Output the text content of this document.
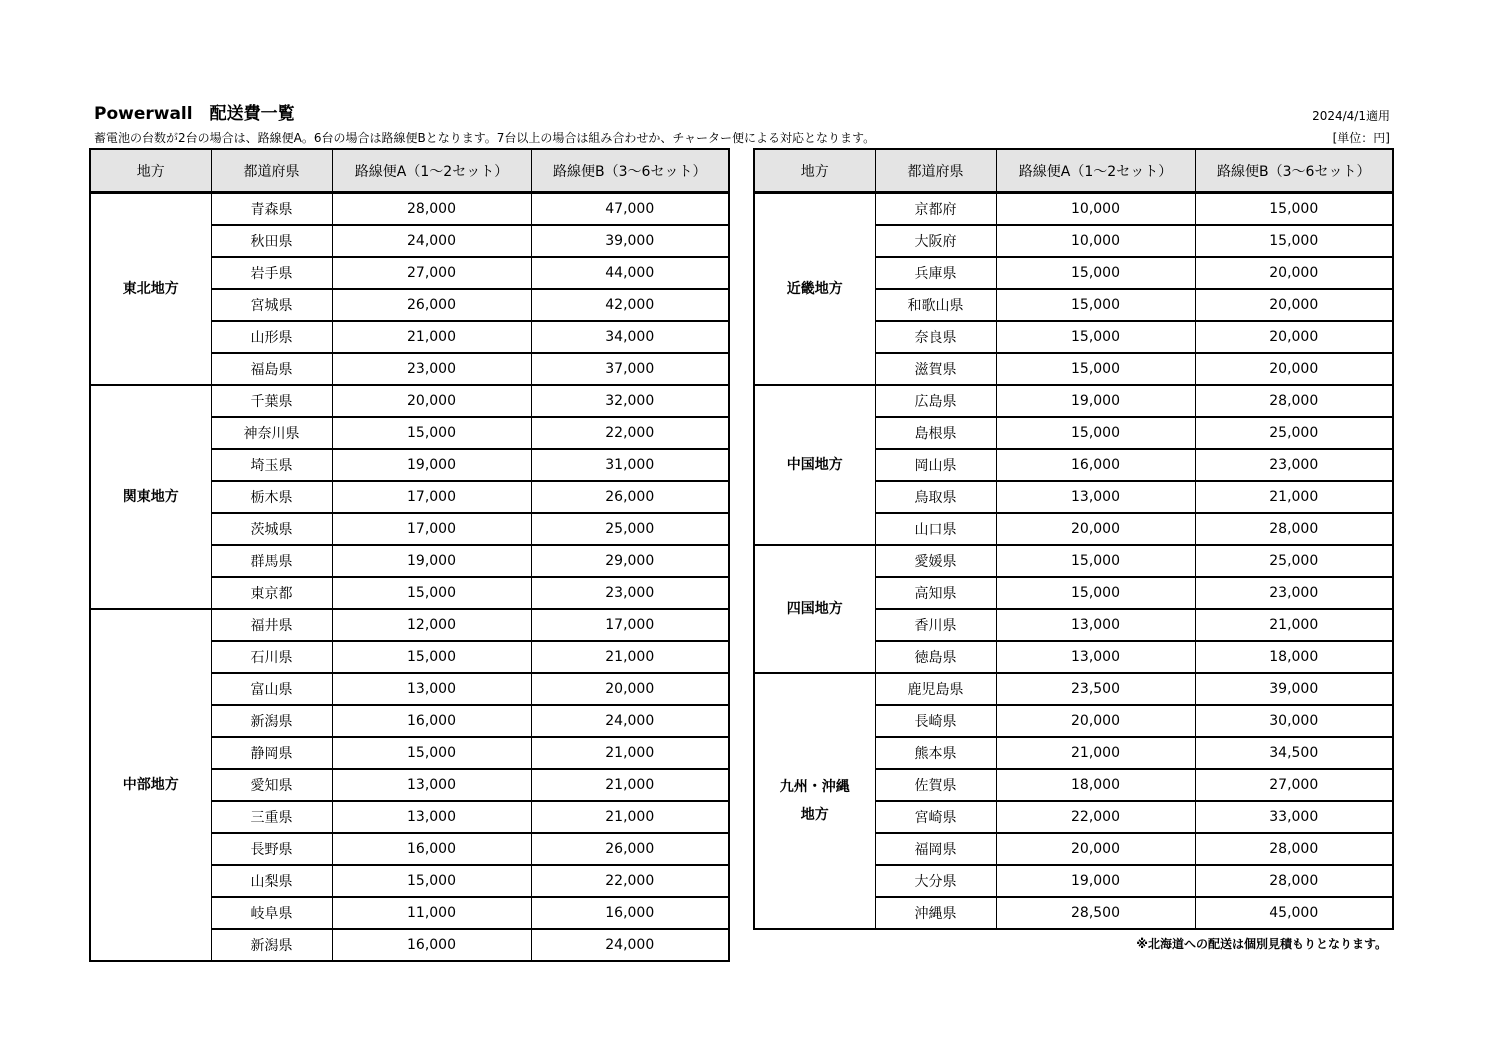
Powerwall　配送費一覧	2024/4/1適用
蓄電池の台数が2台の場合は、路線便A。6台の場合は路線便Bとなります。7台以上の場合は組み合わせか、チャーター便による対応となります。	[単位：円]
地方	都道府県	路線便A（1～2セット）	路線便B（3～6セット）
東北地方	青森県	28,000	47,000
	秋田県	24,000	39,000
	岩手県	27,000	44,000
	宮城県	26,000	42,000
	山形県	21,000	34,000
	福島県	23,000	37,000
関東地方	千葉県	20,000	32,000
	神奈川県	15,000	22,000
	埼玉県	19,000	31,000
	栃木県	17,000	26,000
	茨城県	17,000	25,000
	群馬県	19,000	29,000
	東京都	15,000	23,000
中部地方	福井県	12,000	17,000
	石川県	15,000	21,000
	富山県	13,000	20,000
	新潟県	16,000	24,000
	静岡県	15,000	21,000
	愛知県	13,000	21,000
	三重県	13,000	21,000
	長野県	16,000	26,000
	山梨県	15,000	22,000
	岐阜県	11,000	16,000
	新潟県	16,000	24,000
地方	都道府県	路線便A（1～2セット）	路線便B（3～6セット）
近畿地方	京都府	10,000	15,000
	大阪府	10,000	15,000
	兵庫県	15,000	20,000
	和歌山県	15,000	20,000
	奈良県	15,000	20,000
	滋賀県	15,000	20,000
中国地方	広島県	19,000	28,000
	島根県	15,000	25,000
	岡山県	16,000	23,000
	鳥取県	13,000	21,000
	山口県	20,000	28,000
四国地方	愛媛県	15,000	25,000
	高知県	15,000	23,000
	香川県	13,000	21,000
	徳島県	13,000	18,000
九州・沖縄
地方	鹿児島県	23,500	39,000
	長崎県	20,000	30,000
	熊本県	21,000	34,500
	佐賀県	18,000	27,000
	宮崎県	22,000	33,000
	福岡県	20,000	28,000
	大分県	19,000	28,000
	沖縄県	28,500	45,000
※北海道への配送は個別見積もりとなります。
